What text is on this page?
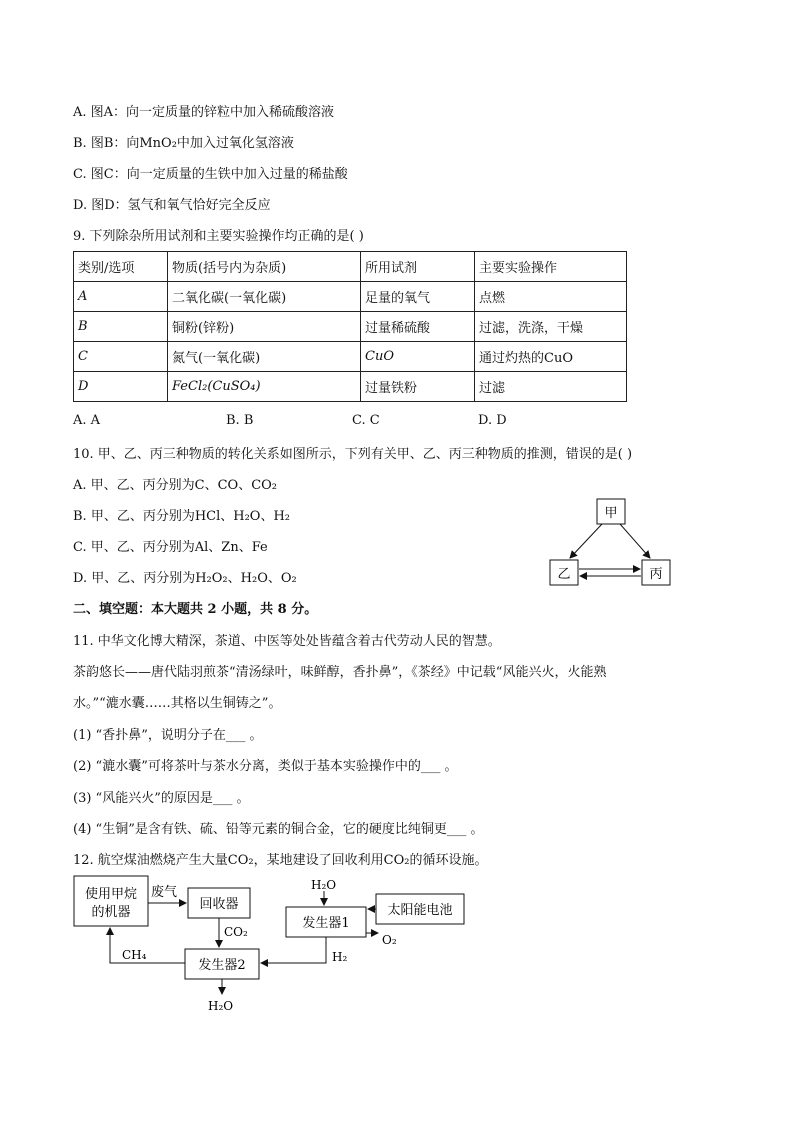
A. 图A：向一定质量的锌粒中加入稀硫酸溶液
B. 图B：向MnO₂中加入过氧化氢溶液
C. 图C：向一定质量的生铁中加入过量的稀盐酸
D. 图D：氢气和氧气恰好完全反应
9. 下列除杂所用试剂和主要实验操作均正确的是( )
类别/选项	物质(括号内为杂质)	所用试剂	主要实验操作
A	二氧化碳(一氧化碳)	足量的氧气	点燃
B	铜粉(锌粉)	过量稀硫酸	过滤，洗涤，干燥
C	氮气(一氧化碳)	CuO	通过灼热的CuO
D	FeCl₂(CuSO₄)	过量铁粉	过滤
A. A	B. B	C. C	D. D
10. 甲、乙、丙三种物质的转化关系如图所示，下列有关甲、乙、丙三种物质的推测，错误的是( )
A. 甲、乙、丙分别为C、CO、CO₂
B. 甲、乙、丙分别为HCl、H₂O、H₂
C. 甲、乙、丙分别为Al、Zn、Fe
D. 甲、乙、丙分别为H₂O₂、H₂O、O₂
甲
乙	丙
二、填空题：本大题共 2 小题，共 8 分。
11. 中华文化博大精深，茶道、中医等处处皆蕴含着古代劳动人民的智慧。
茶韵悠长——唐代陆羽煎茶“清汤绿叶，味鲜醇，香扑鼻”，《茶经》中记载“风能兴火，火能熟
水。”“漉水囊……其格以生铜铸之”。
(1) “香扑鼻”，说明分子在___ 。
(2) “漉水囊”可将茶叶与茶水分离，类似于基本实验操作中的___ 。
(3) “风能兴火”的原因是___ 。
(4) “生铜”是含有铁、硫、铅等元素的铜合金，它的硬度比纯铜更___ 。
12. 航空煤油燃烧产生大量CO₂，某地建设了回收利用CO₂的循环设施。
使用甲烷
的机器
回收器
发生器1
太阳能电池
发生器2
废气
CO₂
H₂O
O₂
H₂
CH₄
H₂O
